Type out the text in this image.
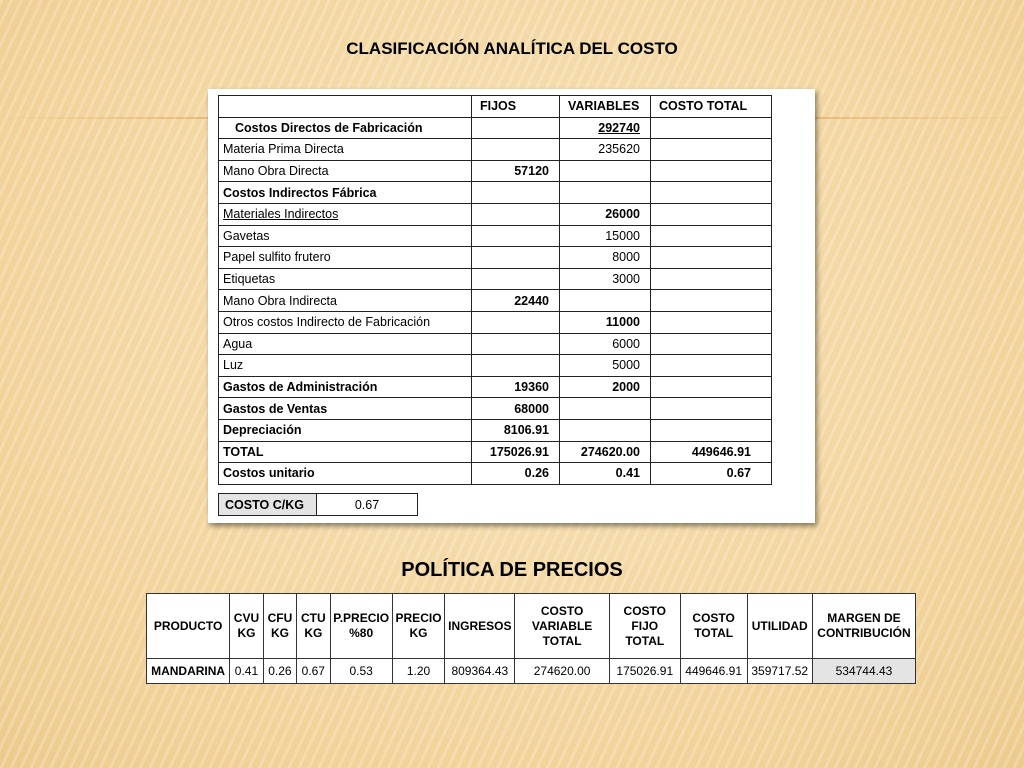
CLASIFICACIÓN ANALÍTICA DEL COSTO
	FIJOS	VARIABLES	COSTO TOTAL
Costos Directos de Fabricación		292740	
Materia Prima Directa		235620	
Mano Obra Directa	57120		
Costos Indirectos Fábrica			
Materiales Indirectos		26000	
Gavetas		15000	
Papel sulfito frutero		8000	
Etiquetas		3000	
Mano Obra Indirecta	22440		
Otros costos Indirecto de Fabricación		11000	
Agua		6000	
Luz		5000	
Gastos de Administración	19360	2000	
Gastos de Ventas	68000		
Depreciación	8106.91		
TOTAL	175026.91	274620.00	449646.91
Costos unitario	0.26	0.41	0.67
COSTO C/KG	0.67
POLÍTICA DE PRECIOS
PRODUCTO	CVU KG	CFU KG	CTU KG	P.PRECIO %80	PRECIO KG	INGRESOS	COSTO VARIABLE TOTAL	COSTO FIJO TOTAL	COSTO TOTAL	UTILIDAD	MARGEN DE CONTRIBUCIÓN
MANDARINA	0.41	0.26	0.67	0.53	1.20	809364.43	274620.00	175026.91	449646.91	359717.52	534744.43
